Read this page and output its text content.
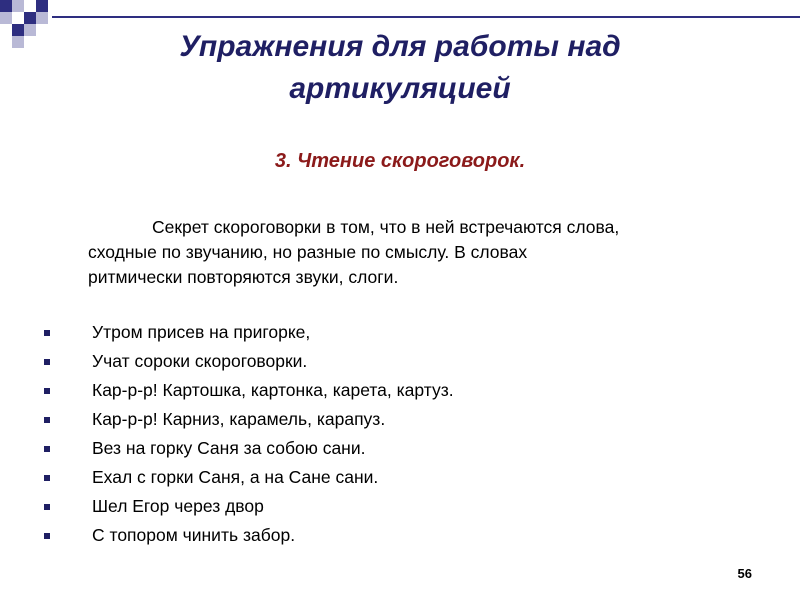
Упражнения для работы над
артикуляцией
3. Чтение скороговорок.
Секрет скороговорки в том, что в ней встречаются слова,
сходные по звучанию, но разные по смыслу. В словах
ритмически повторяются звуки, слоги.
Утром присев на пригорке,
Учат сороки скороговорки.
Кар-р-р! Картошка, картонка, карета, картуз.
Кар-р-р! Карниз, карамель, карапуз.
Вез на горку Саня за собою сани.
Ехал с горки Саня, а на Сане сани.
Шел Егор через двор
С топором чинить забор.
56
